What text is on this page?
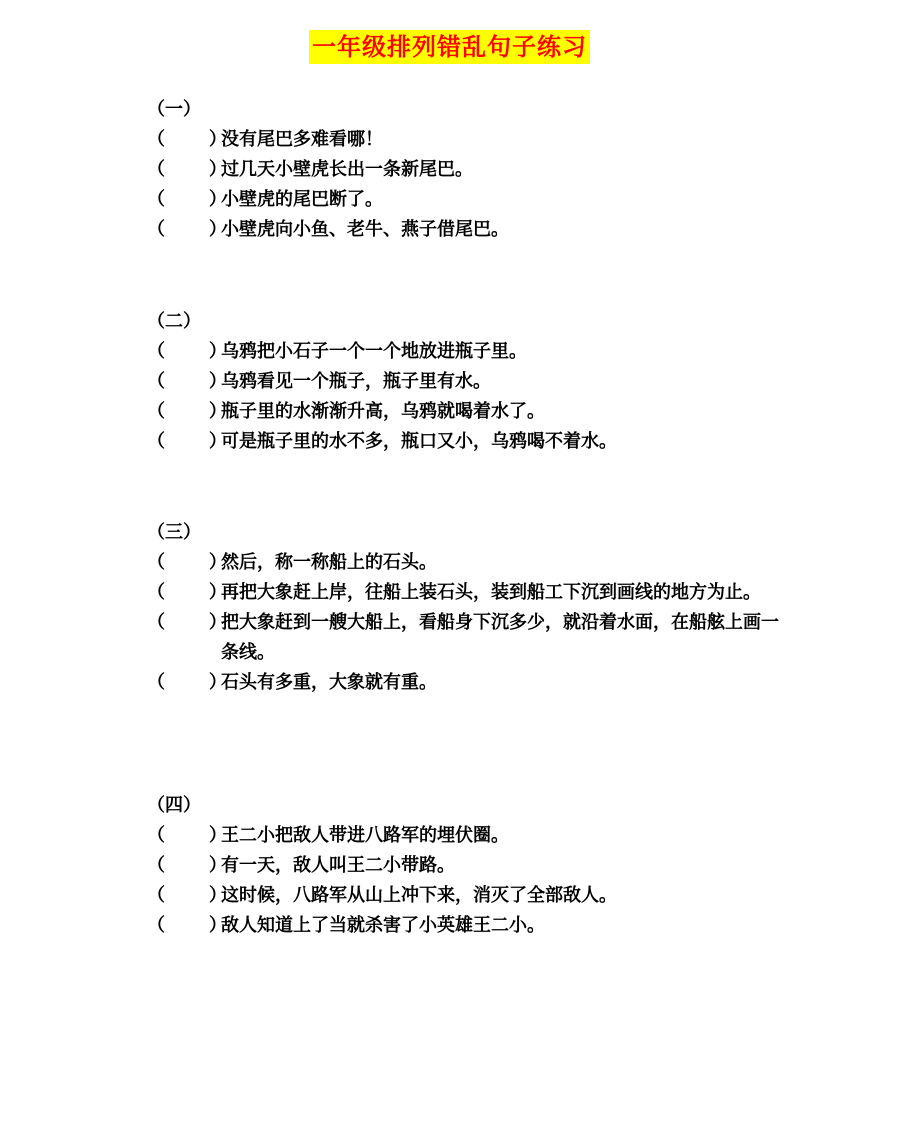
一年级排列错乱句子练习
（一）
（       ）
没有尾巴多难看哪！
（       ）
过几天小壁虎长出一条新尾巴。
（       ）
小壁虎的尾巴断了。
（       ）
小壁虎向小鱼、老牛、燕子借尾巴。
（二）
（       ）
乌鸦把小石子一个一个地放进瓶子里。
（       ）
乌鸦看见一个瓶子，瓶子里有水。
（       ）
瓶子里的水渐渐升高，乌鸦就喝着水了。
（       ）
可是瓶子里的水不多，瓶口又小，乌鸦喝不着水。
（三）
（       ）
然后，称一称船上的石头。
（       ）
再把大象赶上岸，往船上装石头，装到船工下沉到画线的地方为止。
（       ）
把大象赶到一艘大船上，看船身下沉多少，就沿着水面，在船舷上画一条线。
（       ）
石头有多重，大象就有重。
（四）
（       ）
王二小把敌人带进八路军的埋伏圈。
（       ）
有一天，敌人叫王二小带路。
（       ）
这时候，八路军从山上冲下来，消灭了全部敌人。
（       ）
敌人知道上了当就杀害了小英雄王二小。
